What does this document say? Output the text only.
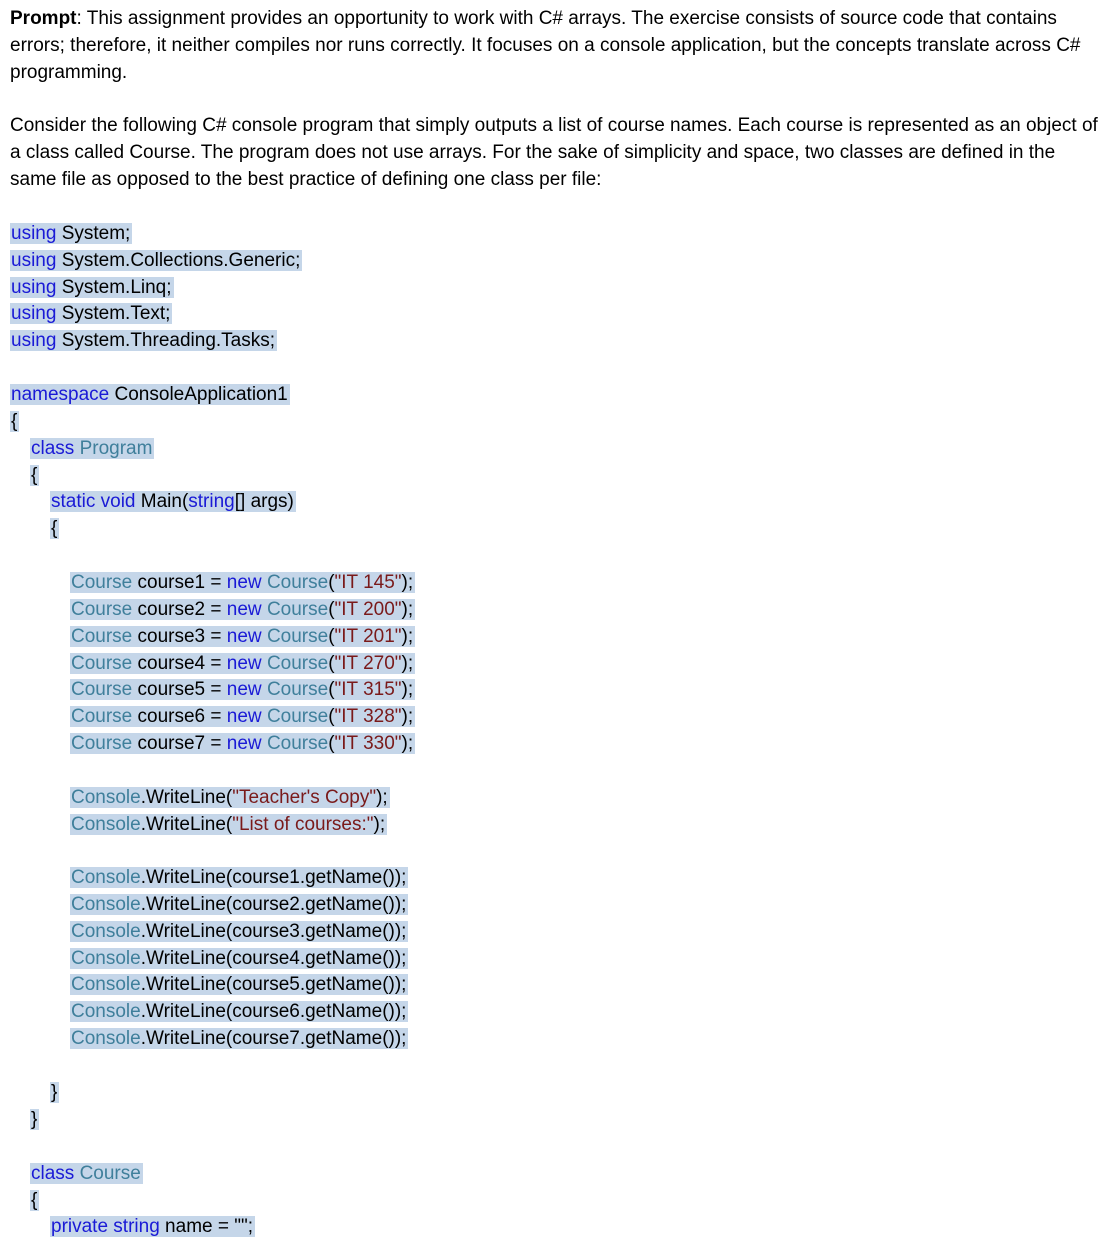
Prompt: This assignment provides an opportunity to work with C# arrays. The exercise consists of source code that contains errors; therefore, it neither compiles nor runs correctly. It focuses on a console application, but the concepts translate across C# programming.

Consider the following C# console program that simply outputs a list of course names. Each course is represented as an object of a class called Course. The program does not use arrays. For the sake of simplicity and space, two classes are defined in the same file as opposed to the best practice of defining one class per file:

using System;
using System.Collections.Generic;
using System.Linq;
using System.Text;
using System.Threading.Tasks;
namespace ConsoleApplication1
{
class Program
{
static void Main(string[] args)
{
Course course1 = new Course("IT 145");
Course course2 = new Course("IT 200");
Course course3 = new Course("IT 201");
Course course4 = new Course("IT 270");
Course course5 = new Course("IT 315");
Course course6 = new Course("IT 328");
Course course7 = new Course("IT 330");
Console.WriteLine("Teacher's Copy");
Console.WriteLine("List of courses:");
Console.WriteLine(course1.getName());
Console.WriteLine(course2.getName());
Console.WriteLine(course3.getName());
Console.WriteLine(course4.getName());
Console.WriteLine(course5.getName());
Console.WriteLine(course6.getName());
Console.WriteLine(course7.getName());
}
}
class Course
{
private string name = "";
